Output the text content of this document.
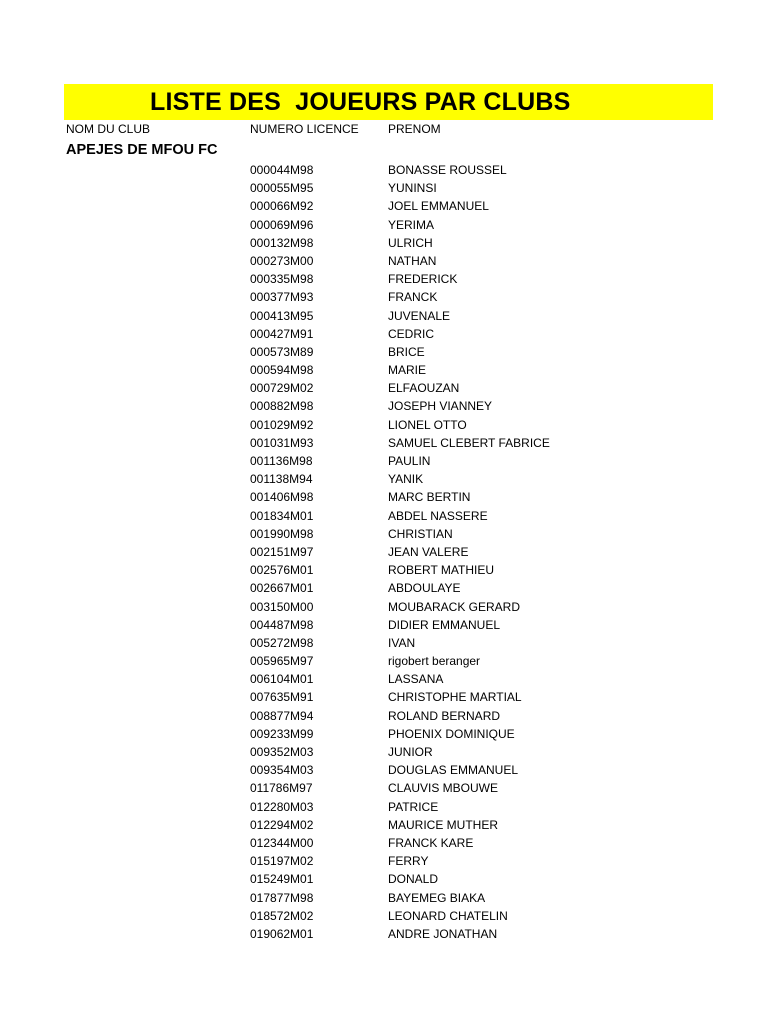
LISTE DES  JOUEURS PAR CLUBS
NOM DU CLUB	NUMERO LICENCE PRENOM
APEJES DE MFOU FC
000044M98	BONASSE ROUSSEL
000055M95	YUNINSI
000066M92	JOEL EMMANUEL
000069M96	YERIMA
000132M98	ULRICH
000273M00	NATHAN
000335M98	FREDERICK
000377M93	FRANCK
000413M95	JUVENALE
000427M91	CEDRIC
000573M89	BRICE
000594M98	MARIE
000729M02	ELFAOUZAN
000882M98	JOSEPH VIANNEY
001029M92	LIONEL OTTO
001031M93	SAMUEL CLEBERT FABRICE
001136M98	PAULIN
001138M94	YANIK
001406M98	MARC BERTIN
001834M01	ABDEL NASSERE
001990M98	CHRISTIAN
002151M97	JEAN VALERE
002576M01	ROBERT MATHIEU
002667M01	ABDOULAYE
003150M00	MOUBARACK GERARD
004487M98	DIDIER EMMANUEL
005272M98	IVAN
005965M97	rigobert beranger
006104M01	LASSANA
007635M91	CHRISTOPHE MARTIAL
008877M94	ROLAND BERNARD
009233M99	PHOENIX DOMINIQUE
009352M03	JUNIOR
009354M03	DOUGLAS EMMANUEL
011786M97	CLAUVIS MBOUWE
012280M03	PATRICE
012294M02	MAURICE MUTHER
012344M00	FRANCK KARE
015197M02	FERRY
015249M01	DONALD
017877M98	BAYEMEG BIAKA
018572M02	LEONARD CHATELIN
019062M01	ANDRE JONATHAN
